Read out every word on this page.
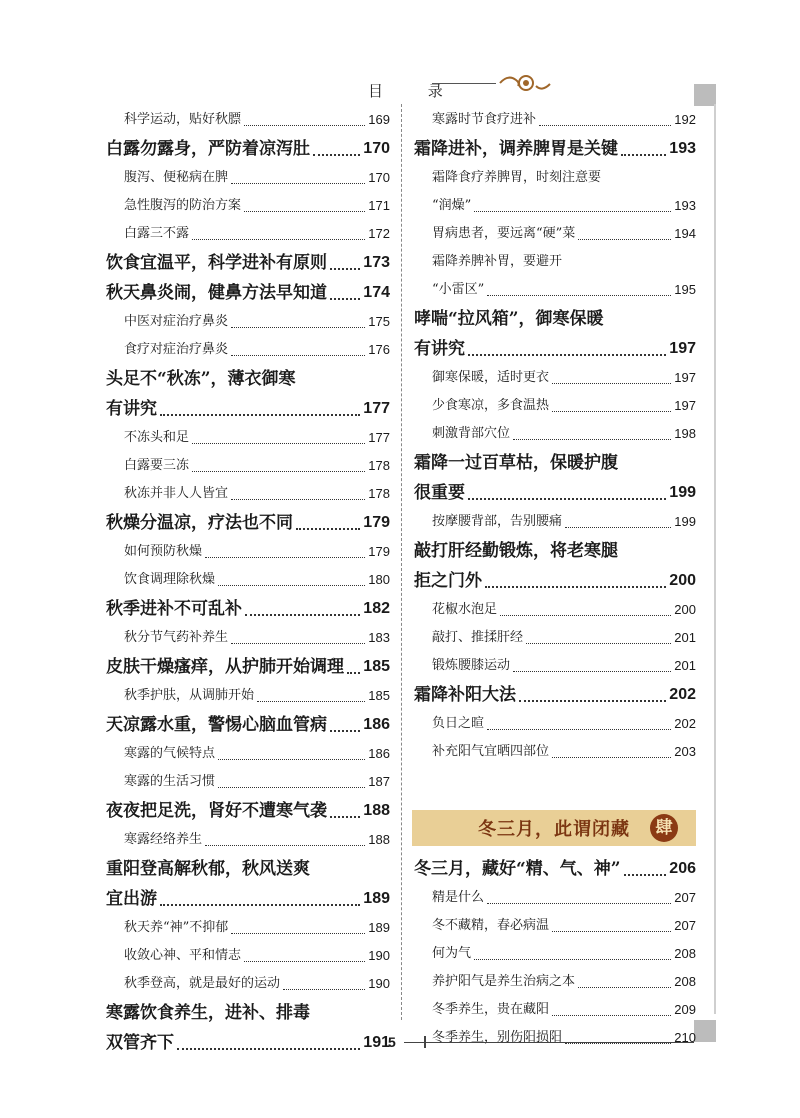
目 录
科学运动，贴好秋膘	169
白露勿露身，严防着凉泻肚	170
腹泻、便秘病在脾	170
急性腹泻的防治方案	171
白露三不露	172
饮食宜温平，科学进补有原则 173
秋天鼻炎闹，健鼻方法早知道 174
中医对症治疗鼻炎	175
食疗对症治疗鼻炎	176
头足不“秋冻”，薄衣御寒
有讲究	177
不冻头和足	177
白露要三冻	178
秋冻并非人人皆宜	178
秋燥分温凉，疗法也不同	179
如何预防秋燥	179
饮食调理除秋燥	180
秋季进补不可乱补	182
秋分节气药补养生	183
皮肤干燥瘙痒，从护肺开始调理 185
秋季护肤，从调肺开始	185
天凉露水重，警惕心脑血管病 186
寒露的气候特点	186
寒露的生活习惯	187
夜夜把足洗，肾好不遭寒气袭 188
寒露经络养生	188
重阳登高解秋郁，秋风送爽
宜出游	189
秋天养“神”不抑郁	189
收敛心神、平和情志	190
秋季登高，就是最好的运动	190
寒露饮食养生，进补、排毒
双管齐下	191
寒露时节食疗进补	192
霜降进补，调养脾胃是关键	193
霜降食疗养脾胃，时刻注意要
“润燥”	193
胃病患者，要远离“硬”菜	194
霜降养脾补胃，要避开
“小雷区”	195
哮喘“拉风箱”，御寒保暖
有讲究	197
御寒保暖，适时更衣	197
少食寒凉，多食温热	197
刺激背部穴位	198
霜降一过百草枯，保暖护腹
很重要	199
按摩腰背部，告别腰痛	199
敲打肝经勤锻炼，将老寒腿
拒之门外	200
花椒水泡足	200
敲打、推揉肝经	201
锻炼腰膝运动	201
霜降补阳大法	202
负日之暄	202
补充阳气宜晒四部位	203
冬三月，此谓闭藏	肆
冬三月，藏好“精、气、神”	206
精是什么	207
冬不藏精，春必病温	207
何为气	208
养护阳气是养生治病之本	208
冬季养生，贵在藏阳	209
冬季养生，别伤阳损阳	210
5
